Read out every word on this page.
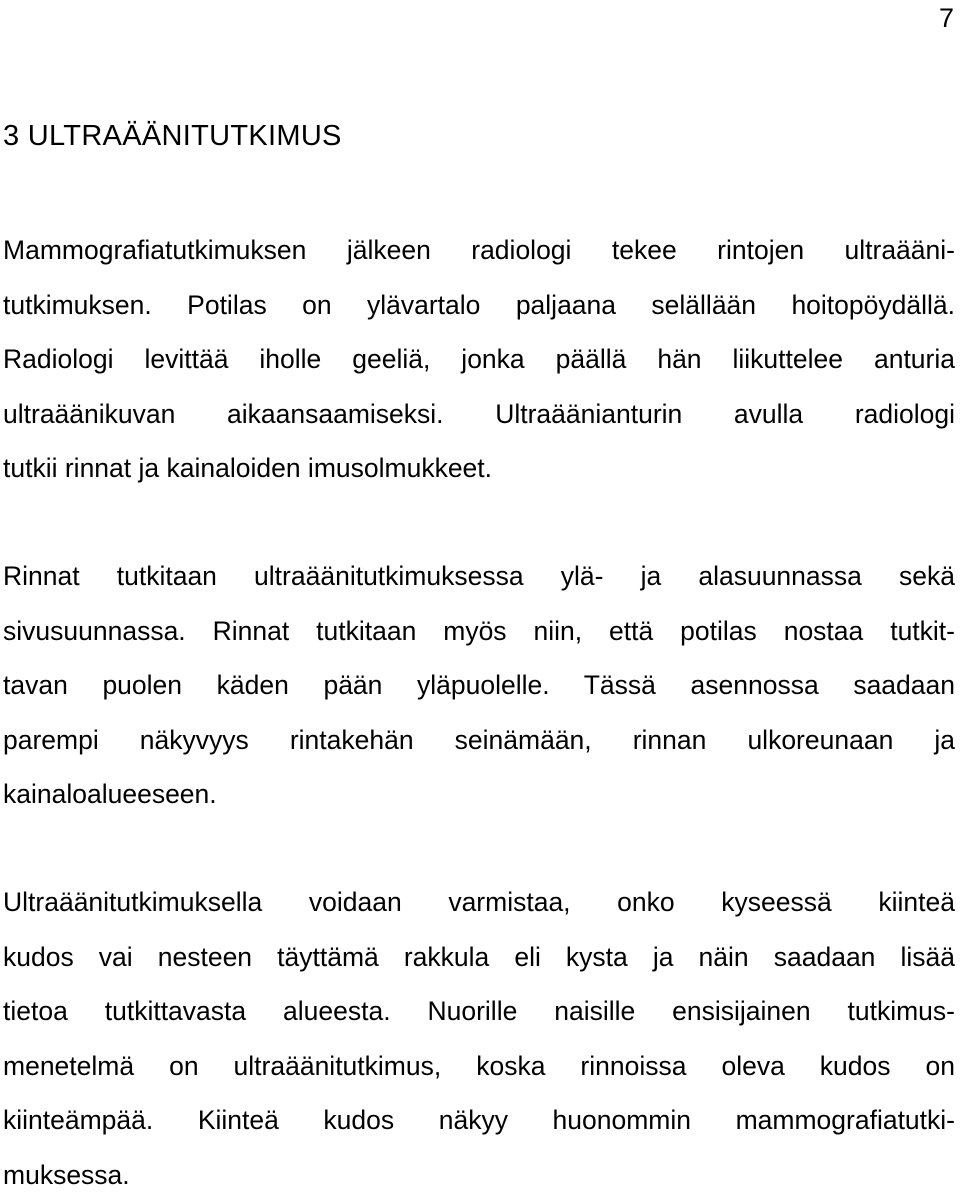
7
3 ULTRAÄÄNITUTKIMUS
Mammografiatutkimuksen jälkeen radiologi tekee rintojen ultraääni-
tutkimuksen. Potilas on ylävartalo paljaana selällään hoitopöydällä.
Radiologi levittää iholle geeliä, jonka päällä hän liikuttelee anturia
ultraäänikuvan aikaansaamiseksi. Ultraäänianturin avulla radiologi
tutkii rinnat ja kainaloiden imusolmukkeet.
Rinnat tutkitaan ultraäänitutkimuksessa ylä- ja alasuunnassa sekä
sivusuunnassa. Rinnat tutkitaan myös niin, että potilas nostaa tutkit-
tavan puolen käden pään yläpuolelle. Tässä asennossa saadaan
parempi näkyvyys rintakehän seinämään, rinnan ulkoreunaan ja
kainaloalueeseen.
Ultraäänitutkimuksella voidaan varmistaa, onko kyseessä kiinteä
kudos vai nesteen täyttämä rakkula eli kysta ja näin saadaan lisää
tietoa tutkittavasta alueesta. Nuorille naisille ensisijainen tutkimus-
menetelmä on ultraäänitutkimus, koska rinnoissa oleva kudos on
kiinteämpää. Kiinteä kudos näkyy huonommin mammografiatutki-
muksessa.
